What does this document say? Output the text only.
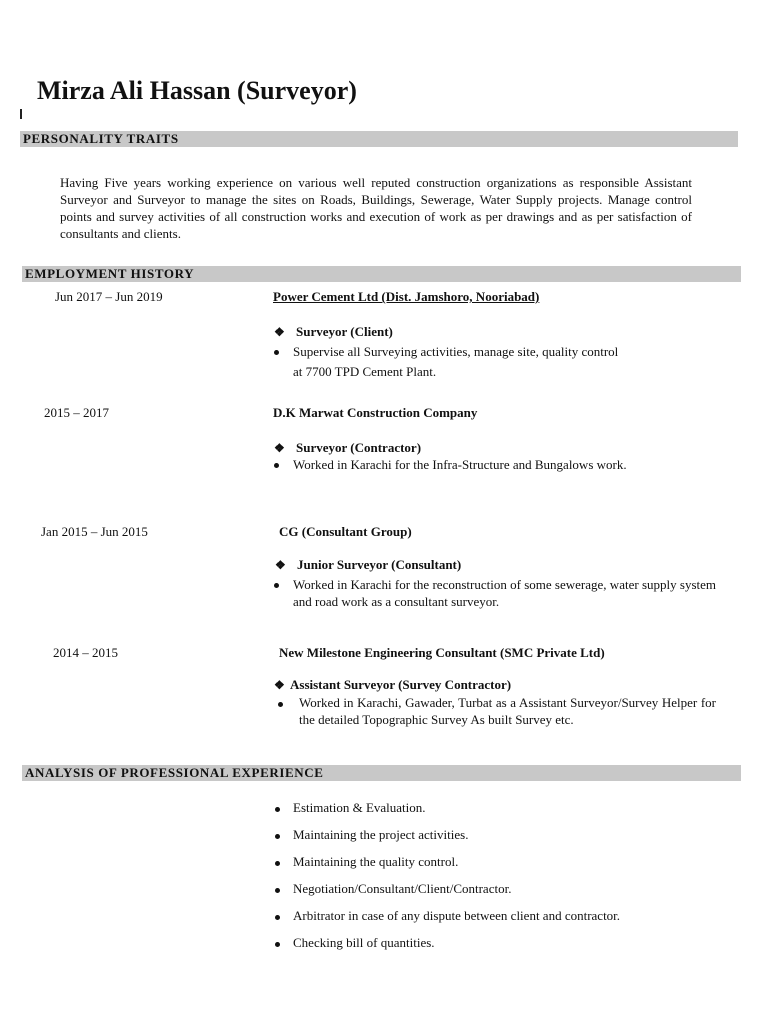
Mirza Ali Hassan (Surveyor)
PERSONALITY TRAITS
Having Five years working experience on various well reputed construction organizations as responsible Assistant Surveyor and Surveyor to manage the sites on Roads, Buildings, Sewerage, Water Supply projects. Manage control points and survey activities of all construction works and execution of work as per drawings and as per satisfaction of consultants and clients.
EMPLOYMENT HISTORY
Jun 2017 – Jun 2019	Power Cement Ltd (Dist. Jamshoro, Nooriabad)
❖ Surveyor (Client)
Supervise all Surveying activities, manage site, quality control
at 7700 TPD Cement Plant.
2015 – 2017	D.K Marwat Construction Company
❖ Surveyor (Contractor)
Worked in Karachi for the Infra-Structure and Bungalows work.
Jan 2015 – Jun 2015	CG (Consultant Group)
❖ Junior Surveyor (Consultant)
Worked in Karachi for the reconstruction of some sewerage, water supply system and road work as a consultant surveyor.
2014 – 2015	New Milestone Engineering Consultant (SMC Private Ltd)
❖ Assistant Surveyor (Survey Contractor)
Worked in Karachi, Gawader, Turbat as a Assistant Surveyor/Survey Helper for the detailed Topographic Survey As built Survey etc.
ANALYSIS OF PROFESSIONAL EXPERIENCE
Estimation & Evaluation.
Maintaining the project activities.
Maintaining the quality control.
Negotiation/Consultant/Client/Contractor.
Arbitrator in case of any dispute between client and contractor.
Checking bill of quantities.
